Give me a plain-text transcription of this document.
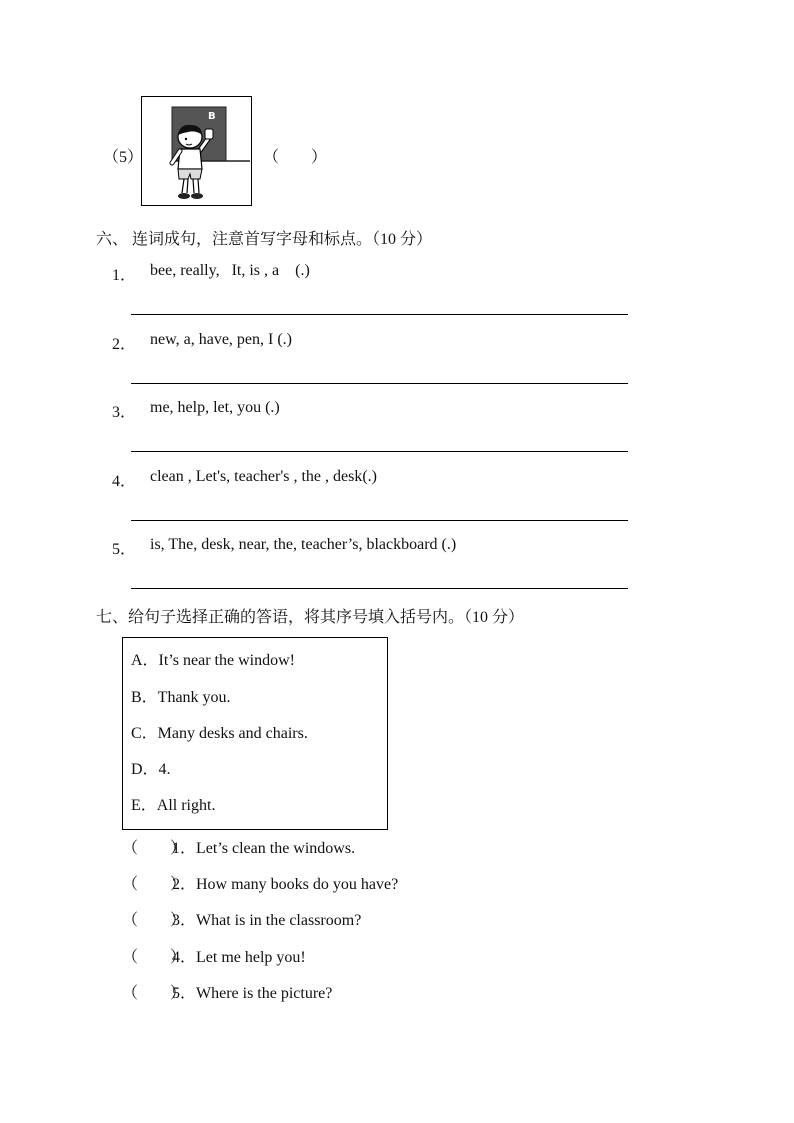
（5）
B
（　　）
六、 连词成句，注意首写字母和标点。（10 分）
1． bee, really,   It, is , a    (.)
2． new, a, have, pen, I (.)
3． me, help, let, you (.)
4． clean , Let's, teacher's , the , desk(.)
5． is, The, desk, near, the, teacher’s, blackboard (.)
七、给句子选择正确的答语，将其序号填入括号内。（10 分）
A．It’s near the window!
B．Thank you.
C．Many desks and chairs.
D．4.
E．All right.
（　　）1．Let’s clean the windows.
（　　）2．How many books do you have?
（　　）3．What is in the classroom?
（　　）4．Let me help you!
（　　）5．Where is the picture?
